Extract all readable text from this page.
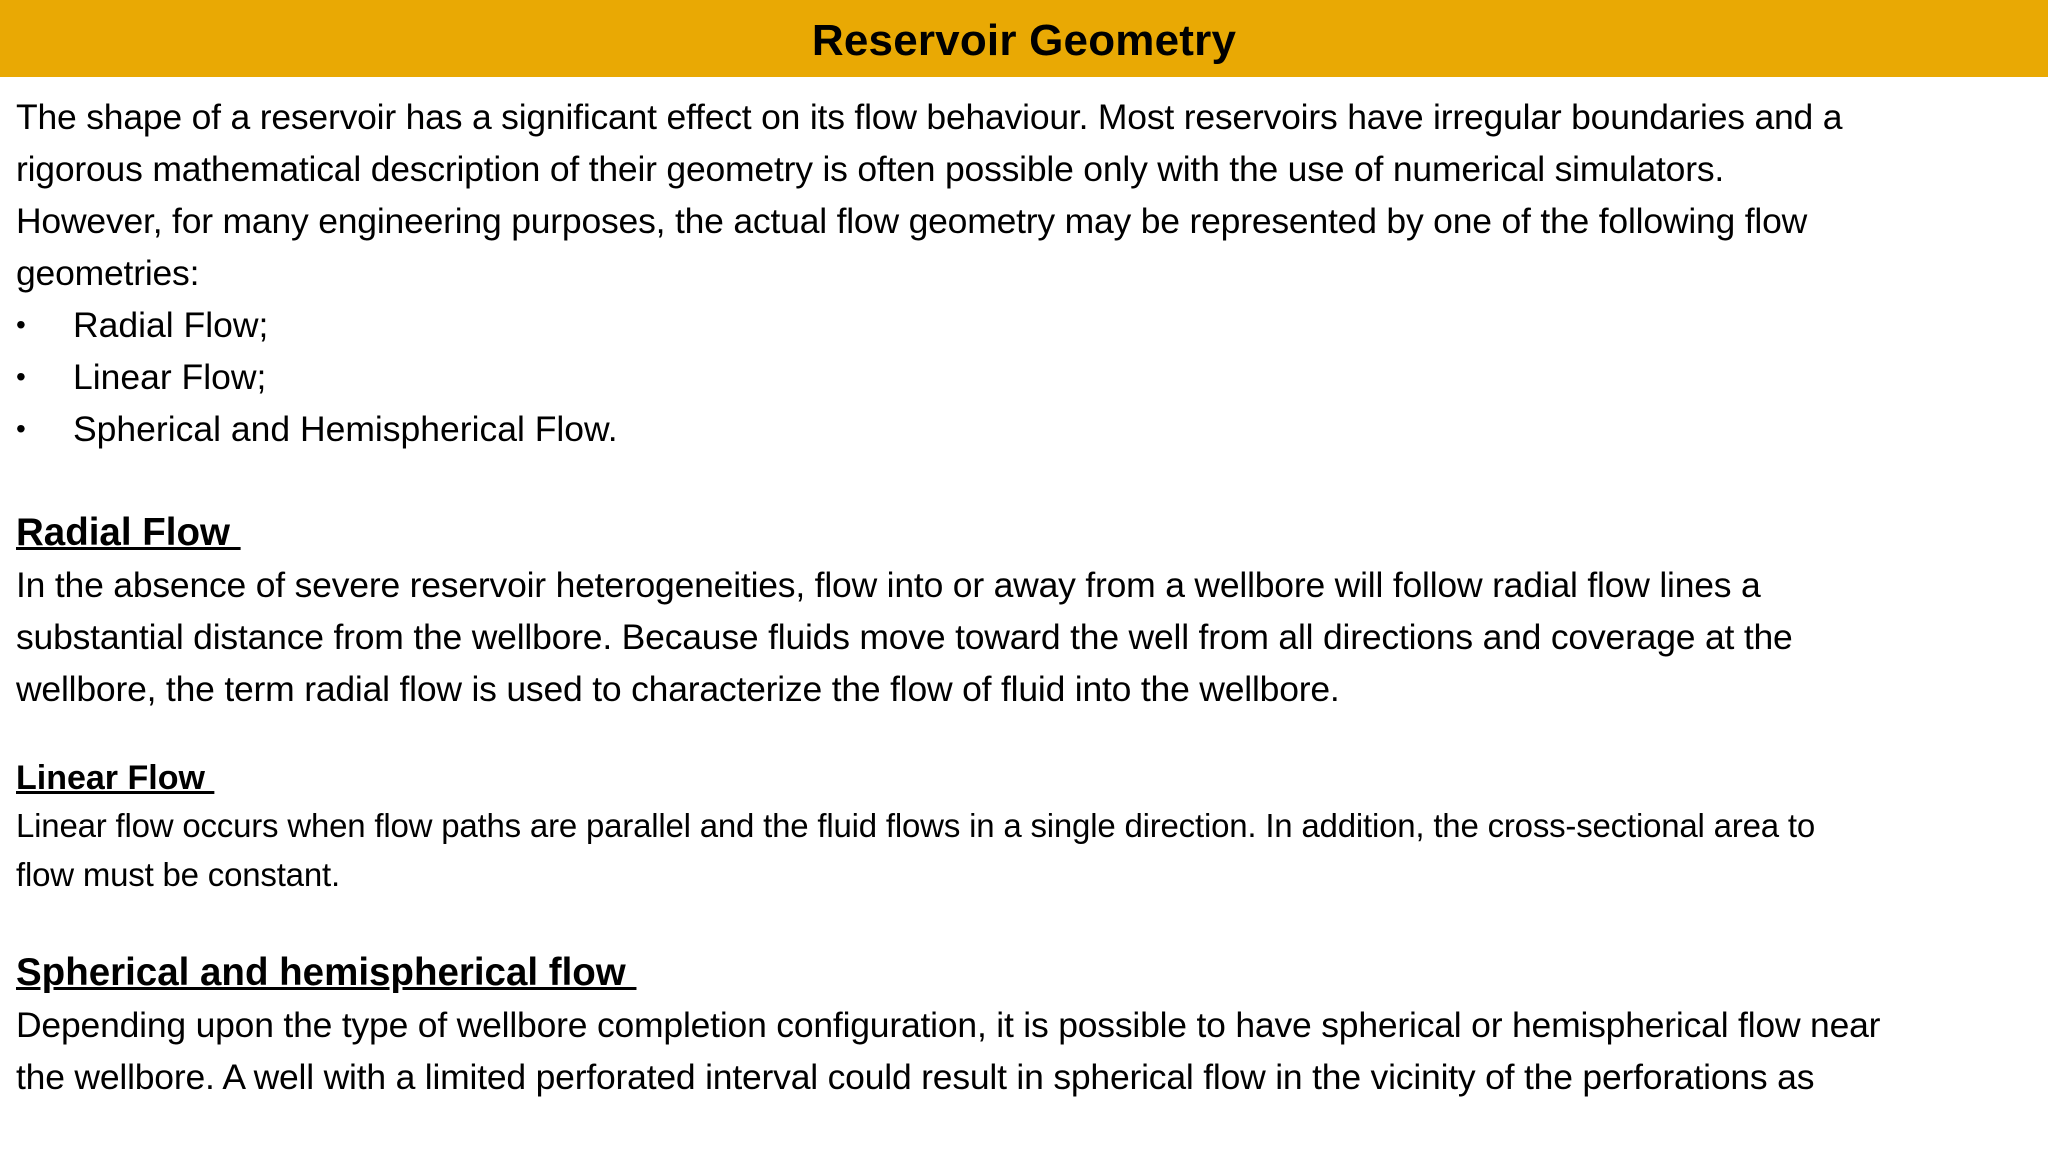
Reservoir Geometry
The shape of a reservoir has a significant effect on its flow behaviour. Most reservoirs have irregular boundaries and a
rigorous mathematical description of their geometry is often possible only with the use of numerical simulators.
However, for many engineering purposes, the actual flow geometry may be represented by one of the following flow
geometries:
• Radial Flow;
• Linear Flow;
• Spherical and Hemispherical Flow.
Radial Flow
In the absence of severe reservoir heterogeneities, flow into or away from a wellbore will follow radial flow lines a
substantial distance from the wellbore. Because fluids move toward the well from all directions and coverage at the
wellbore, the term radial flow is used to characterize the flow of fluid into the wellbore.
Linear Flow
Linear flow occurs when flow paths are parallel and the fluid flows in a single direction. In addition, the cross-sectional area to
flow must be constant.
Spherical and hemispherical flow
Depending upon the type of wellbore completion configuration, it is possible to have spherical or hemispherical flow near
the wellbore. A well with a limited perforated interval could result in spherical flow in the vicinity of the perforations as
